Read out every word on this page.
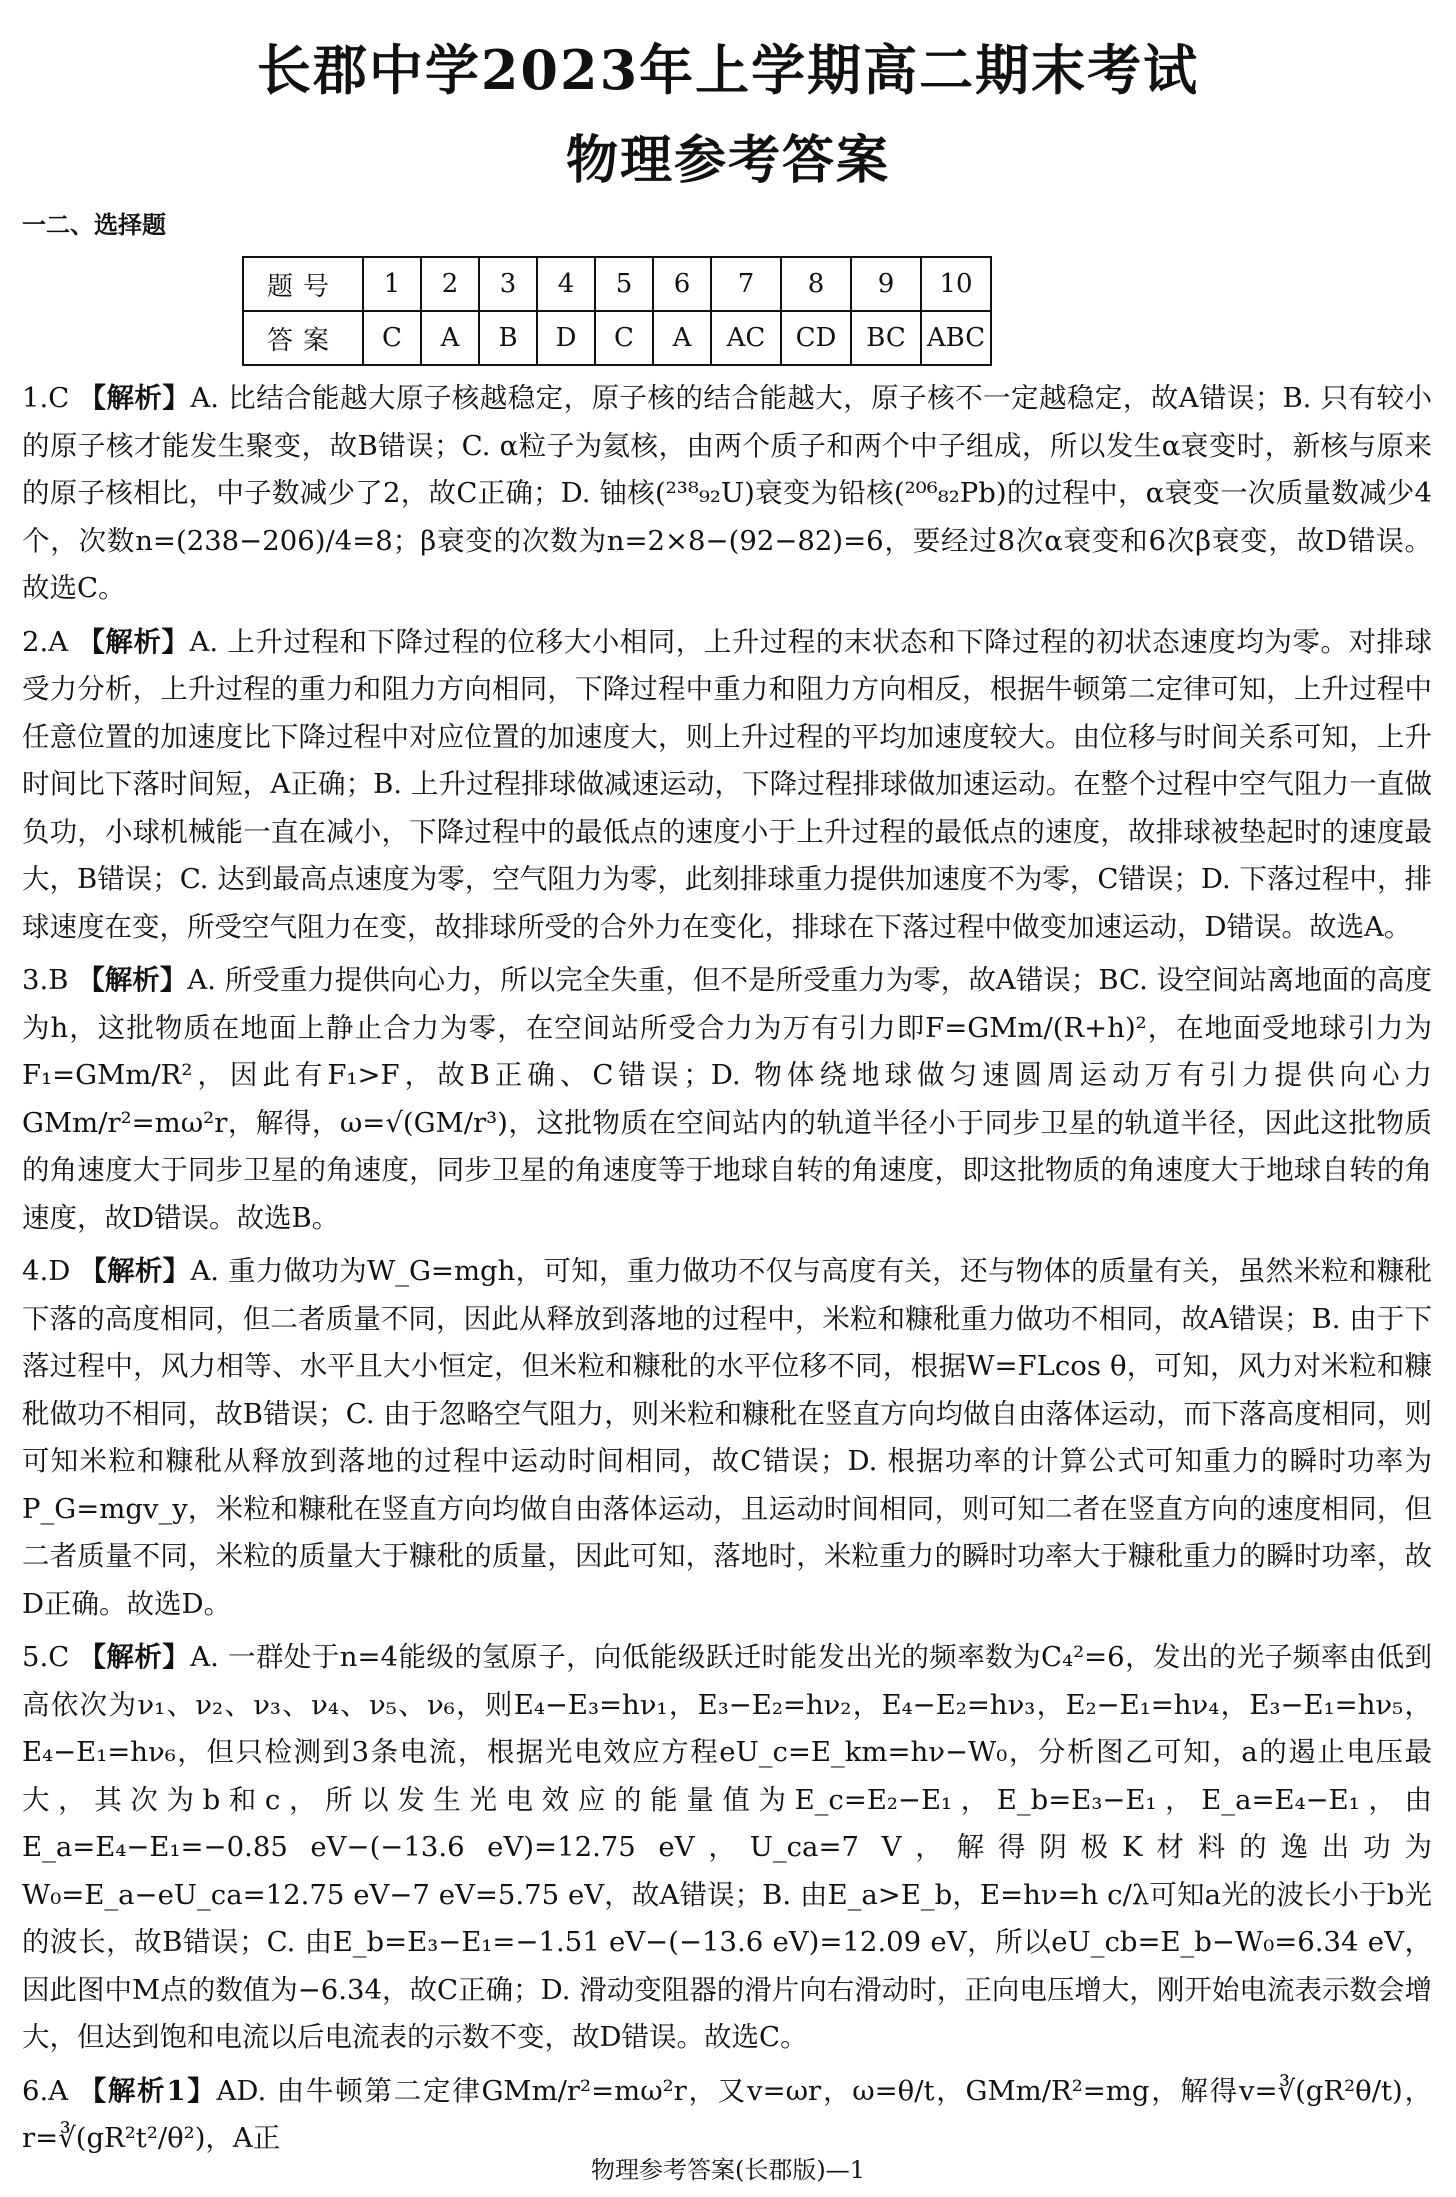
长郡中学2023年上学期高二期末考试
物理参考答案
一二、选择题
题号	1	2	3	4	5	6	7	8	9	10
答案	C	A	B	D	C	A	AC	CD	BC	ABC

1.C 【解析】A. 比结合能越大原子核越稳定，原子核的结合能越大，原子核不一定越稳定，故A错误；B. 只有较小的原子核才能发生聚变，故B错误；C. α粒子为氦核，由两个质子和两个中子组成，所以发生α衰变时，新核与原来的原子核相比，中子数减少了2，故C正确；D. 铀核(²³⁸₉₂U)衰变为铅核(²⁰⁶₈₂Pb)的过程中，α衰变一次质量数减少4个，次数n=(238−206)/4=8；β衰变的次数为n=2×8−(92−82)=6，要经过8次α衰变和6次β衰变，故D错误。故选C。

2.A 【解析】A. 上升过程和下降过程的位移大小相同，上升过程的末状态和下降过程的初状态速度均为零。对排球受力分析，上升过程的重力和阻力方向相同，下降过程中重力和阻力方向相反，根据牛顿第二定律可知，上升过程中任意位置的加速度比下降过程中对应位置的加速度大，则上升过程的平均加速度较大。由位移与时间关系可知，上升时间比下落时间短，A正确；B. 上升过程排球做减速运动，下降过程排球做加速运动。在整个过程中空气阻力一直做负功，小球机械能一直在减小，下降过程中的最低点的速度小于上升过程的最低点的速度，故排球被垫起时的速度最大，B错误；C. 达到最高点速度为零，空气阻力为零，此刻排球重力提供加速度不为零，C错误；D. 下落过程中，排球速度在变，所受空气阻力在变，故排球所受的合外力在变化，排球在下落过程中做变加速运动，D错误。故选A。

3.B 【解析】A. 所受重力提供向心力，所以完全失重，但不是所受重力为零，故A错误；BC. 设空间站离地面的高度为h，这批物质在地面上静止合力为零，在空间站所受合力为万有引力即F=GMm/(R+h)²，在地面受地球引力为F₁=GMm/R²，因此有F₁>F，故B正确、C错误；D. 物体绕地球做匀速圆周运动万有引力提供向心力GMm/r²=mω²r，解得，ω=√(GM/r³)，这批物质在空间站内的轨道半径小于同步卫星的轨道半径，因此这批物质的角速度大于同步卫星的角速度，同步卫星的角速度等于地球自转的角速度，即这批物质的角速度大于地球自转的角速度，故D错误。故选B。

4.D 【解析】A. 重力做功为W_G=mgh，可知，重力做功不仅与高度有关，还与物体的质量有关，虽然米粒和糠秕下落的高度相同，但二者质量不同，因此从释放到落地的过程中，米粒和糠秕重力做功不相同，故A错误；B. 由于下落过程中，风力相等、水平且大小恒定，但米粒和糠秕的水平位移不同，根据W=FLcos θ，可知，风力对米粒和糠秕做功不相同，故B错误；C. 由于忽略空气阻力，则米粒和糠秕在竖直方向均做自由落体运动，而下落高度相同，则可知米粒和糠秕从释放到落地的过程中运动时间相同，故C错误；D. 根据功率的计算公式可知重力的瞬时功率为P_G=mgv_y，米粒和糠秕在竖直方向均做自由落体运动，且运动时间相同，则可知二者在竖直方向的速度相同，但二者质量不同，米粒的质量大于糠秕的质量，因此可知，落地时，米粒重力的瞬时功率大于糠秕重力的瞬时功率，故D正确。故选D。

5.C 【解析】A. 一群处于n=4能级的氢原子，向低能级跃迁时能发出光的频率数为C₄²=6，发出的光子频率由低到高依次为ν₁、ν₂、ν₃、ν₄、ν₅、ν₆，则E₄−E₃=hν₁，E₃−E₂=hν₂，E₄−E₂=hν₃，E₂−E₁=hν₄，E₃−E₁=hν₅，E₄−E₁=hν₆，但只检测到3条电流，根据光电效应方程eU_c=E_km=hν−W₀，分析图乙可知，a的遏止电压最大，其次为b和c，所以发生光电效应的能量值为E_c=E₂−E₁，E_b=E₃−E₁，E_a=E₄−E₁，由E_a=E₄−E₁=−0.85 eV−(−13.6 eV)=12.75 eV，U_ca=7 V，解得阴极K材料的逸出功为W₀=E_a−eU_ca=12.75 eV−7 eV=5.75 eV，故A错误；B. 由E_a>E_b，E=hν=h c/λ可知a光的波长小于b光的波长，故B错误；C. 由E_b=E₃−E₁=−1.51 eV−(−13.6 eV)=12.09 eV，所以eU_cb=E_b−W₀=6.34 eV，因此图中M点的数值为−6.34，故C正确；D. 滑动变阻器的滑片向右滑动时，正向电压增大，刚开始电流表示数会增大，但达到饱和电流以后电流表的示数不变，故D错误。故选C。

6.A 【解析1】AD. 由牛顿第二定律GMm/r²=mω²r，又v=ωr，ω=θ/t，GMm/R²=mg，解得v=∛(gR²θ/t)，r=∛(gR²t²/θ²)，A正

物理参考答案(长郡版)—1
